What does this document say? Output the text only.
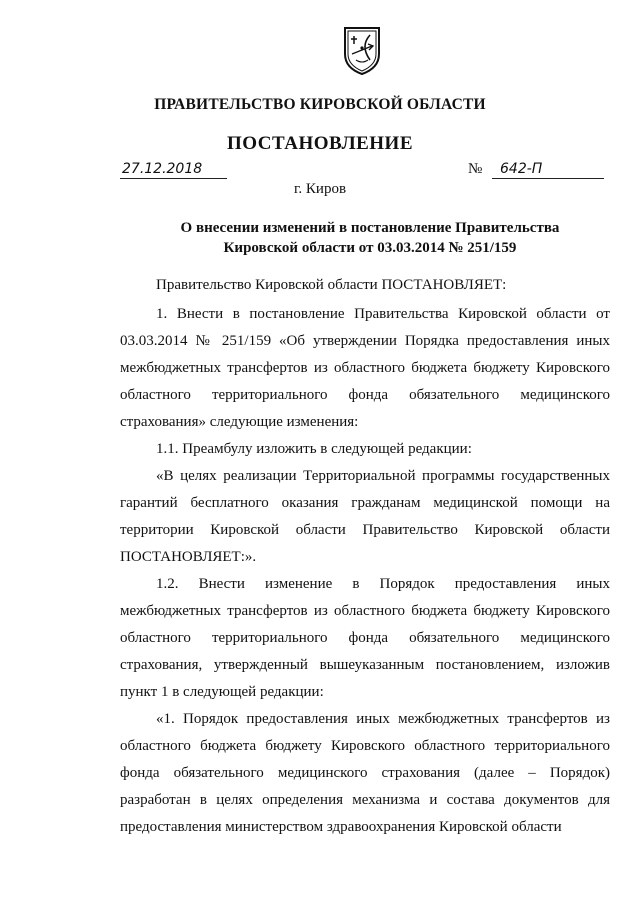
ПРАВИТЕЛЬСТВО КИРОВСКОЙ ОБЛАСТИ
ПОСТАНОВЛЕНИЕ
27.12.2018	№	642-П
г. Киров
О внесении изменений в постановление Правительства
Кировской области от 03.03.2014 № 251/159

Правительство Кировской области ПОСТАНОВЛЯЕТ:

1. Внести в постановление Правительства Кировской области от 03.03.2014 № 251/159 «Об утверждении Порядка предоставления иных межбюджетных трансфертов из областного бюджета бюджету Кировского областного территориального фонда обязательного медицинского страхования» следующие изменения:

1.1. Преамбулу изложить в следующей редакции:

«В целях реализации Территориальной программы государственных гарантий бесплатного оказания гражданам медицинской помощи на территории Кировской области Правительство Кировской области ПОСТАНОВЛЯЕТ:».

1.2. Внести изменение в Порядок предоставления иных межбюджетных трансфертов из областного бюджета бюджету Кировского областного территориального фонда обязательного медицинского страхования, утвержденный вышеуказанным постановлением, изложив пункт 1 в следующей редакции:

«1. Порядок предоставления иных межбюджетных трансфертов из областного бюджета бюджету Кировского областного территориального фонда обязательного медицинского страхования (далее – Порядок) разработан в целях определения механизма и состава документов для предоставления министерством здравоохранения Кировской области
